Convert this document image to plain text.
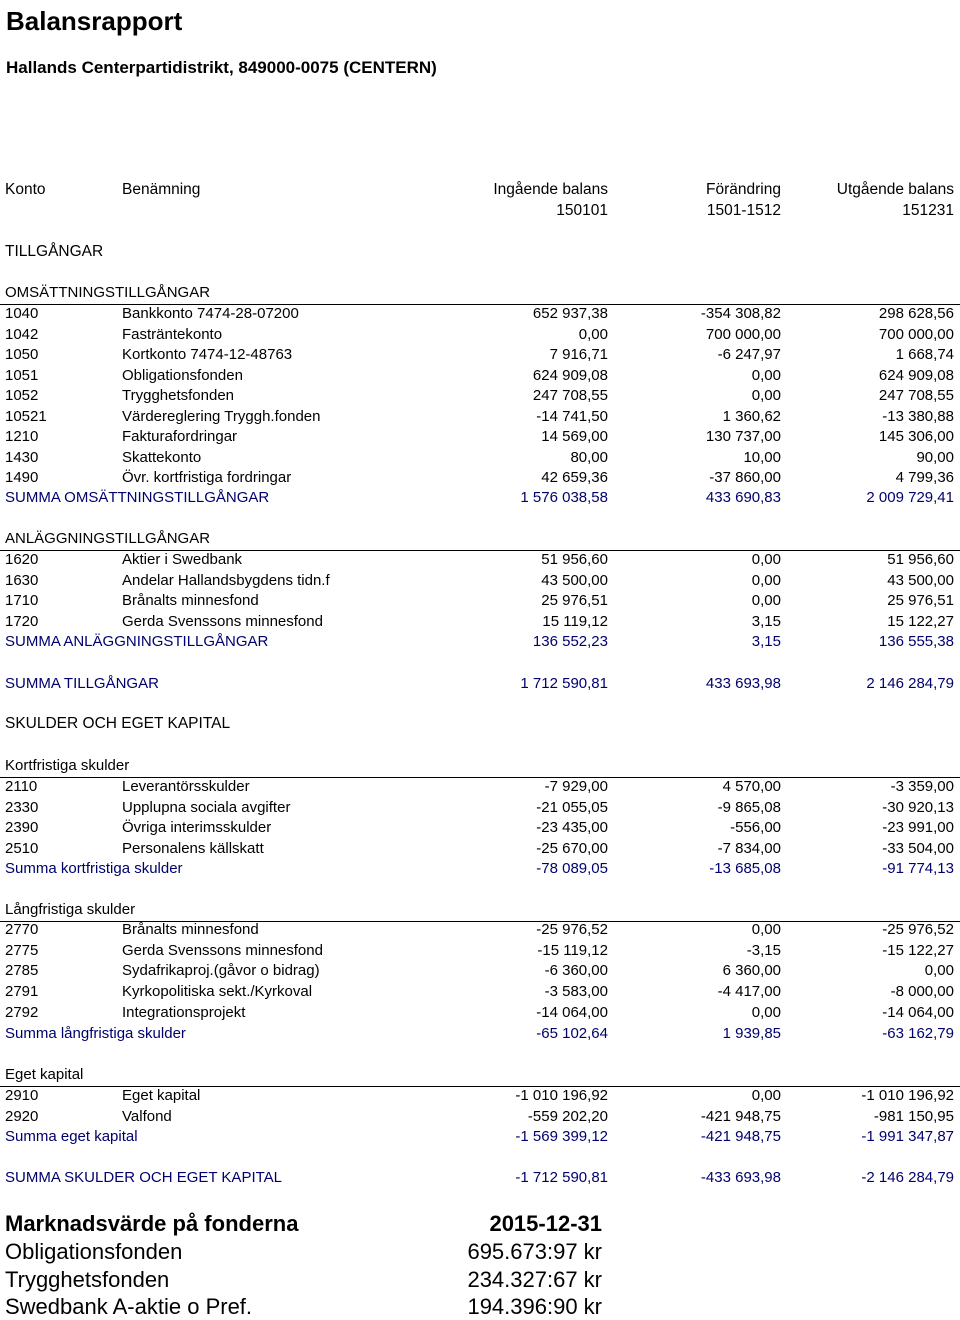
Balansrapport
Hallands Centerpartidistrikt, 849000-0075 (CENTERN)
Konto	Benämning	Ingående balans	Förändring	Utgående balans
150101	1501-1512	151231
TILLGÅNGAR
OMSÄTTNINGSTILLGÅNGAR
1040	Bankkonto 7474-28-07200	652 937,38	-354 308,82	298 628,56
1042	Fasträntekonto	0,00	700 000,00	700 000,00
1050	Kortkonto 7474-12-48763	7 916,71	-6 247,97	1 668,74
1051	Obligationsfonden	624 909,08	0,00	624 909,08
1052	Trygghetsfonden	247 708,55	0,00	247 708,55
10521	Värdereglering Tryggh.fonden	-14 741,50	1 360,62	-13 380,88
1210	Fakturafordringar	14 569,00	130 737,00	145 306,00
1430	Skattekonto	80,00	10,00	90,00
1490	Övr. kortfristiga fordringar	42 659,36	-37 860,00	4 799,36
SUMMA OMSÄTTNINGSTILLGÅNGAR	1 576 038,58	433 690,83	2 009 729,41
ANLÄGGNINGSTILLGÅNGAR
1620	Aktier i Swedbank	51 956,60	0,00	51 956,60
1630	Andelar Hallandsbygdens tidn.f	43 500,00	0,00	43 500,00
1710	Brånalts minnesfond	25 976,51	0,00	25 976,51
1720	Gerda Svenssons minnesfond	15 119,12	3,15	15 122,27
SUMMA ANLÄGGNINGSTILLGÅNGAR	136 552,23	3,15	136 555,38
SUMMA TILLGÅNGAR	1 712 590,81	433 693,98	2 146 284,79
SKULDER OCH EGET KAPITAL
Kortfristiga skulder
2110	Leverantörsskulder	-7 929,00	4 570,00	-3 359,00
2330	Upplupna sociala avgifter	-21 055,05	-9 865,08	-30 920,13
2390	Övriga interimsskulder	-23 435,00	-556,00	-23 991,00
2510	Personalens källskatt	-25 670,00	-7 834,00	-33 504,00
Summa kortfristiga skulder	-78 089,05	-13 685,08	-91 774,13
Långfristiga skulder
2770	Brånalts minnesfond	-25 976,52	0,00	-25 976,52
2775	Gerda Svenssons minnesfond	-15 119,12	-3,15	-15 122,27
2785	Sydafrikaproj.(gåvor o bidrag)	-6 360,00	6 360,00	0,00
2791	Kyrkopolitiska sekt./Kyrkoval	-3 583,00	-4 417,00	-8 000,00
2792	Integrationsprojekt	-14 064,00	0,00	-14 064,00
Summa långfristiga skulder	-65 102,64	1 939,85	-63 162,79
Eget kapital
2910	Eget kapital	-1 010 196,92	0,00	-1 010 196,92
2920	Valfond	-559 202,20	-421 948,75	-981 150,95
Summa eget kapital	-1 569 399,12	-421 948,75	-1 991 347,87
SUMMA SKULDER OCH EGET KAPITAL	-1 712 590,81	-433 693,98	-2 146 284,79
Marknadsvärde på fonderna	2015-12-31
Obligationsfonden	695.673:97 kr
Trygghetsfonden	234.327:67 kr
Swedbank A-aktie o Pref.	194.396:90 kr
